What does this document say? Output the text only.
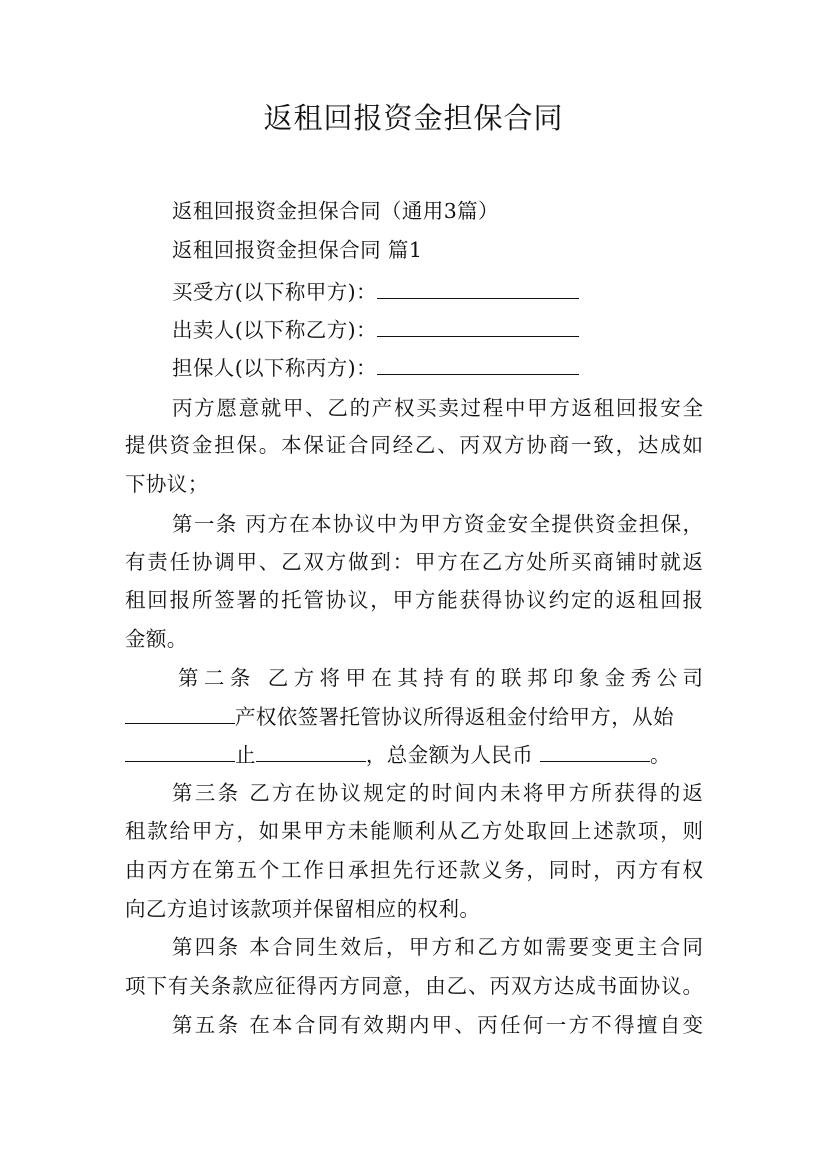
返租回报资金担保合同
返租回报资金担保合同（通用3篇）
返租回报资金担保合同 篇1
买受方(以下称甲方)：
出卖人(以下称乙方)：
担保人(以下称丙方)：
丙方愿意就甲、乙的产权买卖过程中甲方返租回报安全
提供资金担保。本保证合同经乙、丙双方协商一致，达成如
下协议；
第一条 丙方在本协议中为甲方资金安全提供资金担保，
有责任协调甲、乙双方做到：甲方在乙方处所买商铺时就返
租回报所签署的托管协议，甲方能获得协议约定的返租回报
金额。
第二条 乙方将甲在其持有的联邦印象金秀公司
产权依签署托管协议所得返租金付给甲方，从始
止	，总金额为人民币	。
第三条 乙方在协议规定的时间内未将甲方所获得的返
租款给甲方，如果甲方未能顺利从乙方处取回上述款项，则
由丙方在第五个工作日承担先行还款义务，同时，丙方有权
向乙方追讨该款项并保留相应的权利。
第四条 本合同生效后，甲方和乙方如需要变更主合同
项下有关条款应征得丙方同意，由乙、丙双方达成书面协议。
第五条 在本合同有效期内甲、丙任何一方不得擅自变
